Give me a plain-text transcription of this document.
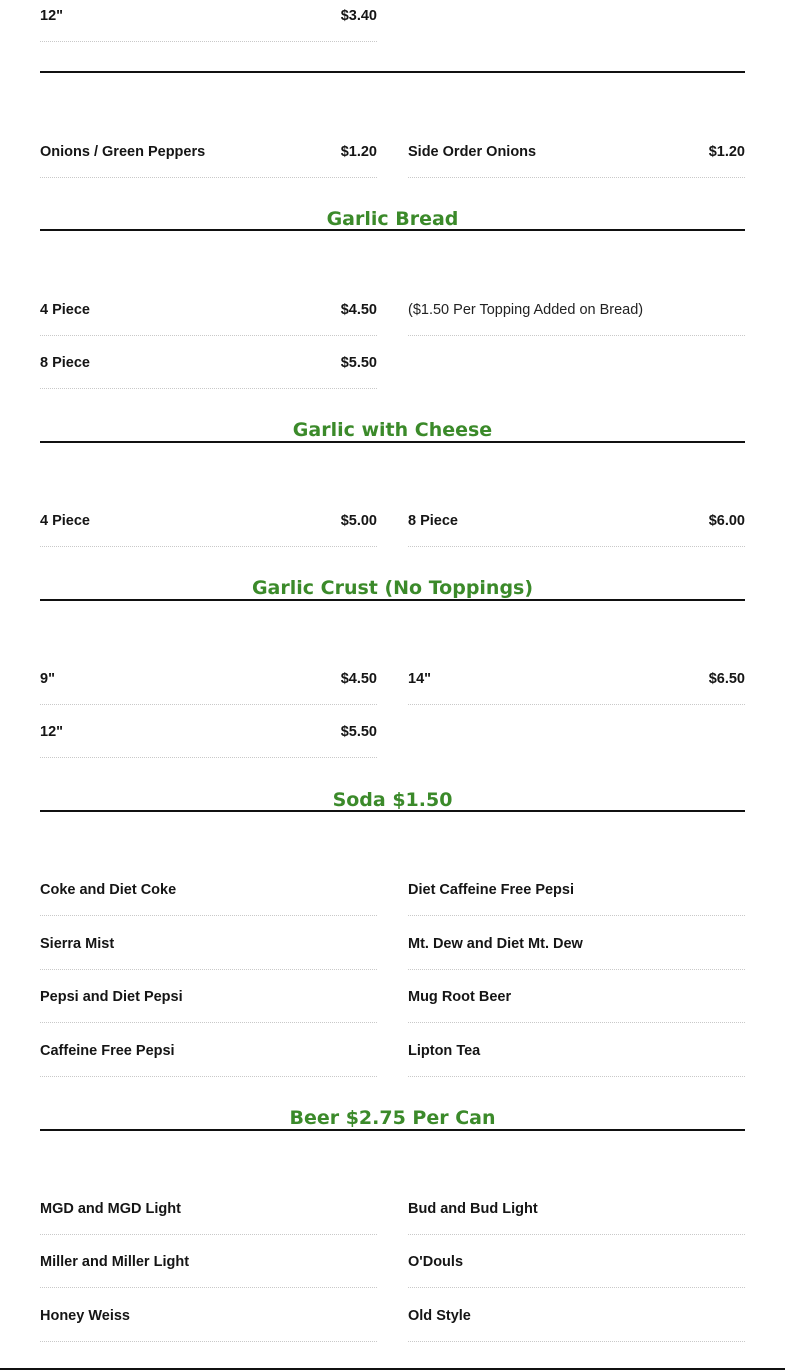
12"	$3.40
Onions / Green Peppers	$1.20 Side Order Onions	$1.20
Garlic Bread
4 Piece	$4.50 ($1.50 Per Topping Added on Bread)
8 Piece	$5.50
Garlic with Cheese
4 Piece	$5.00 8 Piece	$6.00
Garlic Crust (No Toppings)
9"	$4.50 14"	$6.50
12"	$5.50
Soda $1.50
Coke and Diet Coke	Diet Caffeine Free Pepsi
Sierra Mist	Mt. Dew and Diet Mt. Dew
Pepsi and Diet Pepsi	Mug Root Beer
Caffeine Free Pepsi	Lipton Tea
Beer $2.75 Per Can
MGD and MGD Light	Bud and Bud Light
Miller and Miller Light	O'Douls
Honey Weiss	Old Style
